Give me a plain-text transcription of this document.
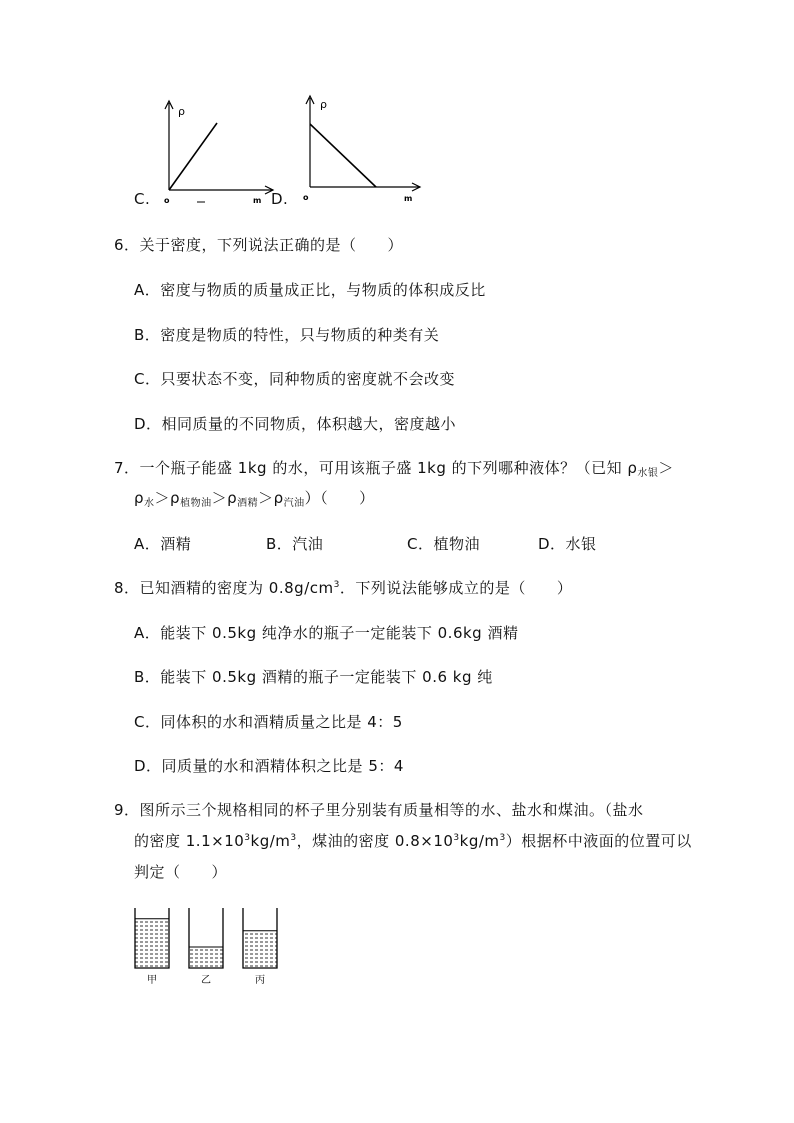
C.
ρ
o	m D.
ρ
o	m
6．关于密度，下列说法正确的是（　　）
A．密度与物质的质量成正比，与物质的体积成反比
B．密度是物质的特性，只与物质的种类有关
C．只要状态不变，同种物质的密度就不会改变
D．相同质量的不同物质，体积越大，密度越小
7．一个瓶子能盛 1kg 的水，可用该瓶子盛 1kg 的下列哪种液体？（已知 $\rho_{水银}>$
$\rho_水>\rho_{植物油}>\rho_{酒精}>\rho_{汽油}$）（　　）
A．酒精	B．汽油	C．植物油	D．水银
8．已知酒精的密度为 $0.8g/cm^3$．下列说法能够成立的是（　　）
A．能装下 0.5kg 纯净水的瓶子一定能装下 0.6kg 酒精
B．能装下 0.5kg 酒精的瓶子一定能装下 0.6 kg 纯
C．同体积的水和酒精质量之比是 4：5
D．同质量的水和酒精体积之比是 5：4
9．图所示三个规格相同的杯子里分别装有质量相等的水、盐水和煤油。（盐水
的密度 $1.1\times 10^3kg/m^3$，煤油的密度 $0.8\times 10^3kg/m^3$）根据杯中液面的位置可以
判定（　　）
甲	乙	丙
